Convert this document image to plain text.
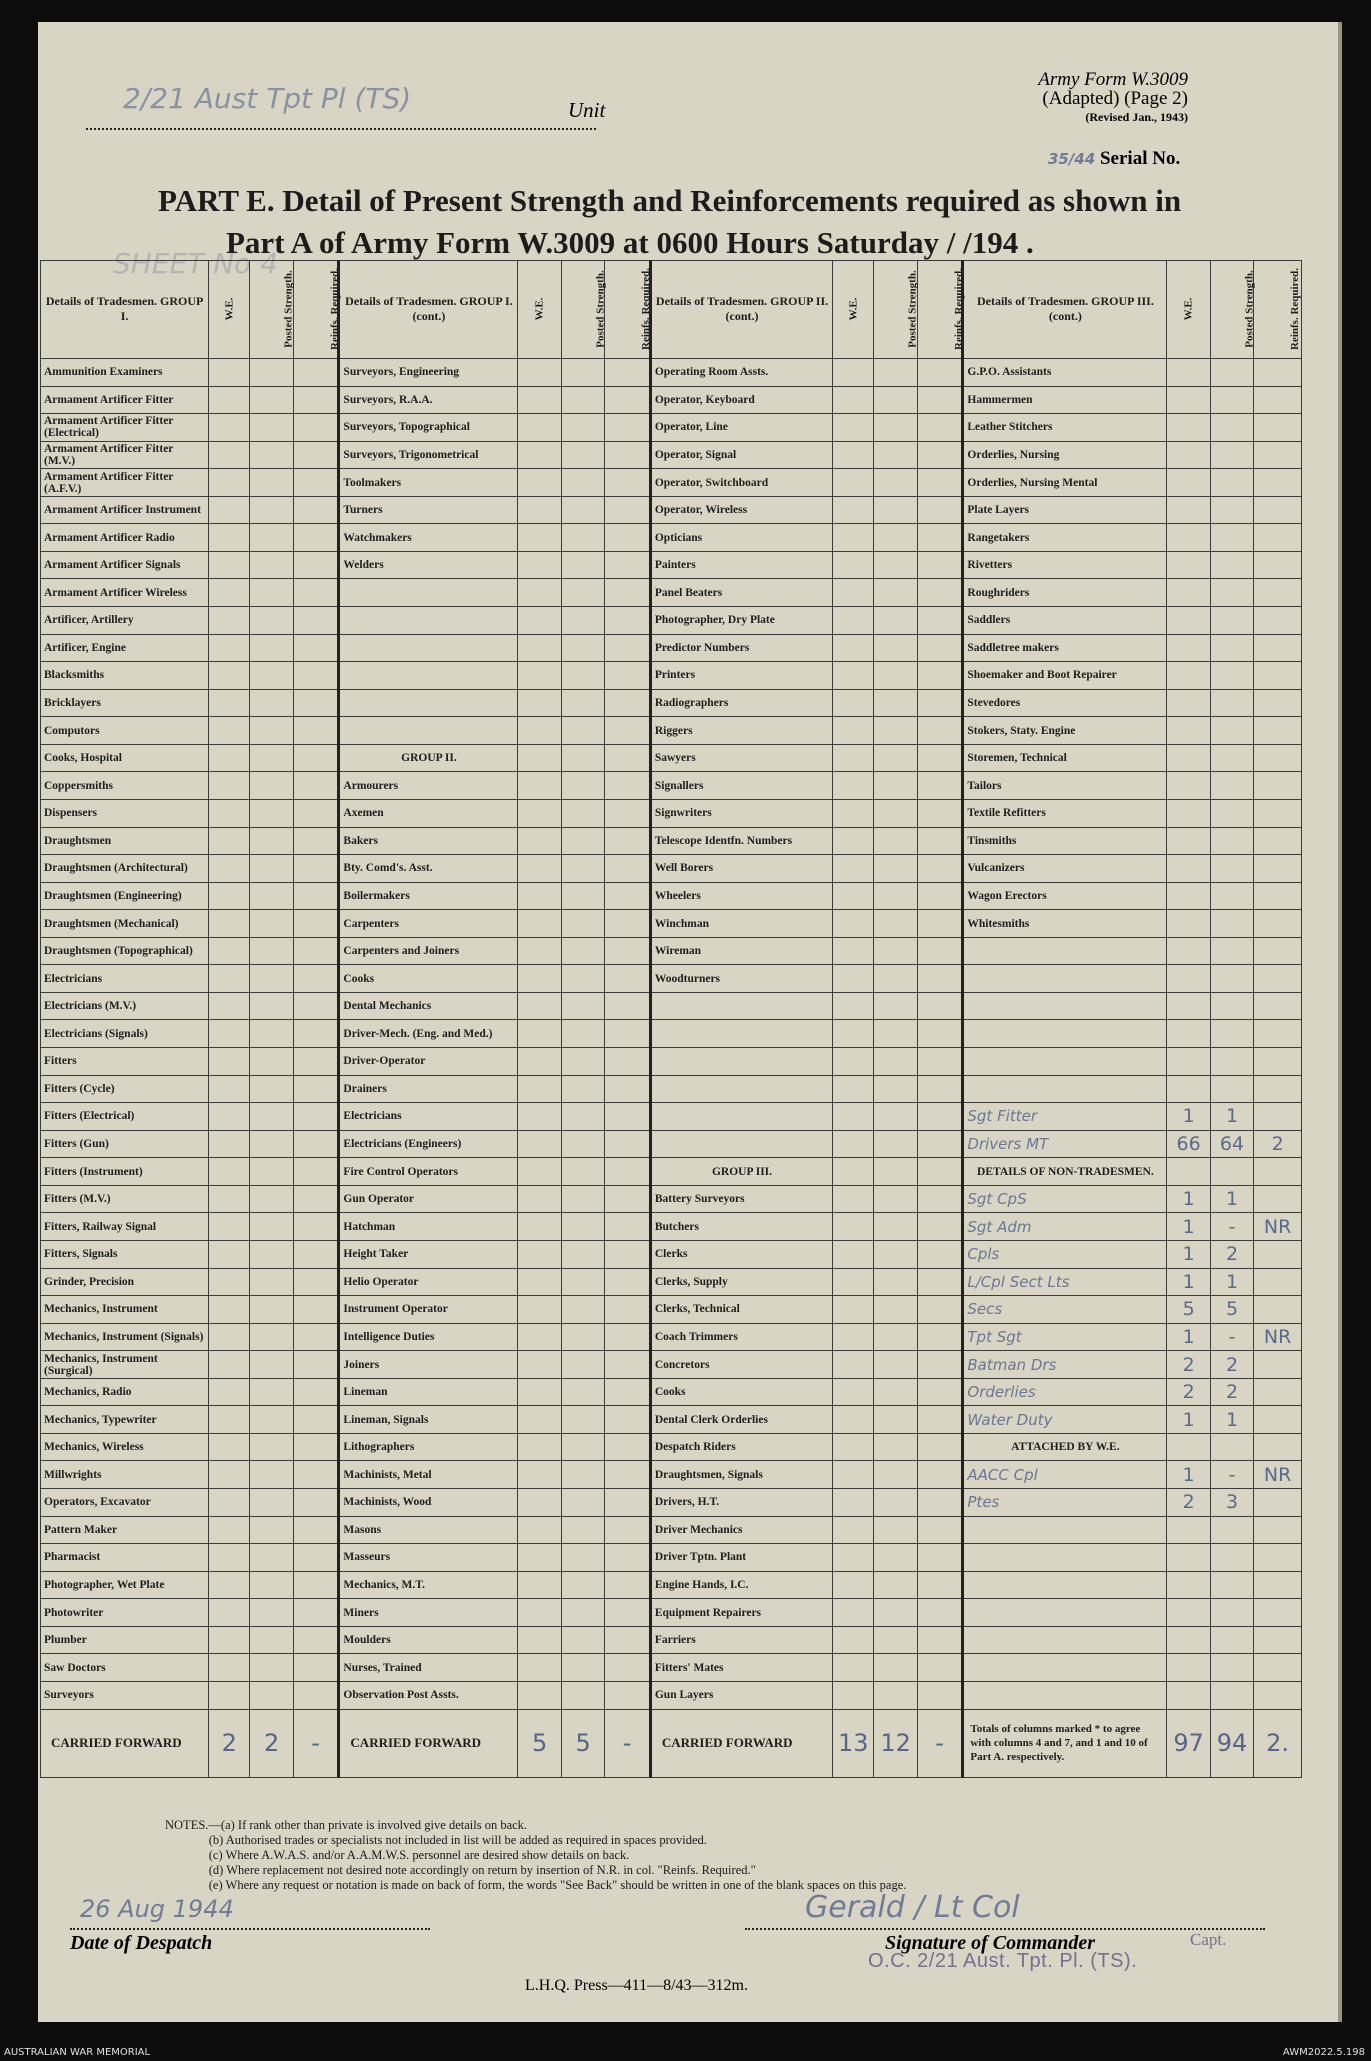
2/21 Aust Tpt Pl (TS)	Unit
Army Form W.3009
(Adapted) (Page 2)
(Revised Jan., 1943)
35/44 Serial No.
PART E. Detail of Present Strength and Reinforcements required as shown in
Part A of Army Form W.3009 at 0600 Hours Saturday / /194 .
SHEET No 4
Details of Tradesmen. GROUP I.	W.E.	Posted Strength.	Reinfs. Required.	Details of Tradesmen. GROUP I. (cont.)	W.E.	Posted Strength.	Reinfs. Required.	Details of Tradesmen. GROUP II. (cont.)	W.E.	Posted Strength.	Reinfs. Required.	Details of Tradesmen. GROUP III. (cont.)	W.E.	Posted Strength.	Reinfs. Required.
Ammunition Examiners				Surveyors, Engineering				Operating Room Assts.				G.P.O. Assistants			
Armament Artificer Fitter				Surveyors, R.A.A.				Operator, Keyboard				Hammermen			
Armament Artificer Fitter (Electrical)				Surveyors, Topographical				Operator, Line				Leather Stitchers			
Armament Artificer Fitter (M.V.)				Surveyors, Trigonometrical				Operator, Signal				Orderlies, Nursing			
Armament Artificer Fitter (A.F.V.)				Toolmakers				Operator, Switchboard				Orderlies, Nursing Mental			
Armament Artificer Instrument				Turners				Operator, Wireless				Plate Layers			
Armament Artificer Radio				Watchmakers				Opticians				Rangetakers			
Armament Artificer Signals				Welders				Painters				Rivetters			
Armament Artificer Wireless								Panel Beaters				Roughriders			
Artificer, Artillery								Photographer, Dry Plate				Saddlers			
Artificer, Engine								Predictor Numbers				Saddletree makers			
Blacksmiths								Printers				Shoemaker and Boot Repairer			
Bricklayers								Radiographers				Stevedores			
Computors								Riggers				Stokers, Staty. Engine			
Cooks, Hospital				GROUP II.				Sawyers				Storemen, Technical			
Coppersmiths				Armourers				Signallers				Tailors			
Dispensers				Axemen				Signwriters				Textile Refitters			
Draughtsmen				Bakers				Telescope Identfn. Numbers				Tinsmiths			
Draughtsmen (Architectural)				Bty. Comd's. Asst.				Well Borers				Vulcanizers			
Draughtsmen (Engineering)				Boilermakers				Wheelers				Wagon Erectors			
Draughtsmen (Mechanical)				Carpenters				Winchman				Whitesmiths			
Draughtsmen (Topographical)				Carpenters and Joiners				Wireman							
Electricians				Cooks				Woodturners							
Electricians (M.V.)				Dental Mechanics											
Electricians (Signals)				Driver-Mech. (Eng. and Med.)											
Fitters				Driver-Operator											
Fitters (Cycle)				Drainers											
Fitters (Electrical)				Electricians								Sgt Fitter	1	1	
Fitters (Gun)				Electricians (Engineers)								Drivers MT	66	64	2
Fitters (Instrument)				Fire Control Operators				GROUP III.				DETAILS OF NON-TRADESMEN.			
Fitters (M.V.)				Gun Operator				Battery Surveyors				Sgt CpS	1	1	
Fitters, Railway Signal				Hatchman				Butchers				Sgt Adm	1	-	NR
Fitters, Signals				Height Taker				Clerks				Cpls	1	2	
Grinder, Precision				Helio Operator				Clerks, Supply				L/Cpl Sect Lts	1	1	
Mechanics, Instrument				Instrument Operator				Clerks, Technical				Secs	5	5	
Mechanics, Instrument (Signals)				Intelligence Duties				Coach Trimmers				Tpt Sgt	1	-	NR
Mechanics, Instrument (Surgical)				Joiners				Concretors				Batman Drs	2	2	
Mechanics, Radio				Lineman				Cooks				Orderlies	2	2	
Mechanics, Typewriter				Lineman, Signals				Dental Clerk Orderlies				Water Duty	1	1	
Mechanics, Wireless				Lithographers				Despatch Riders				ATTACHED BY W.E.			
Millwrights				Machinists, Metal				Draughtsmen, Signals				AACC Cpl	1	-	NR
Operators, Excavator				Machinists, Wood				Drivers, H.T.				Ptes	2	3	
Pattern Maker				Masons				Driver Mechanics							
Pharmacist				Masseurs				Driver Tptn. Plant							
Photographer, Wet Plate				Mechanics, M.T.				Engine Hands, I.C.							
Photowriter				Miners				Equipment Repairers							
Plumber				Moulders				Farriers							
Saw Doctors				Nurses, Trained				Fitters' Mates							
Surveyors				Observation Post Assts.				Gun Layers							
CARRIED FORWARD	2	2	-	CARRIED FORWARD	5	5	-	CARRIED FORWARD	13	12	-	Totals of columns marked * to agree with columns 4 and 7, and 1 and 10 of Part A. respectively.	97	94	2.
NOTES.—(a) If rank other than private is involved give details on back.
(b) Authorised trades or specialists not included in list will be added as required in spaces provided.
(c) Where A.W.A.S. and/or A.A.M.W.S. personnel are desired show details on back.
(d) Where replacement not desired note accordingly on return by insertion of N.R. in col. "Reinfs. Required."
(e) Where any request or notation is made on back of form, the words "See Back" should be written in one of the blank spaces on this page.
26 Aug 1944
Date of Despatch
Gerald / Lt Col
Signature of Commander	Capt.
O.C. 2/21 Aust. Tpt. Pl. (TS).
L.H.Q. Press—411—8/43—312m.
AUSTRALIAN WAR MEMORIAL	AWM2022.5.198
